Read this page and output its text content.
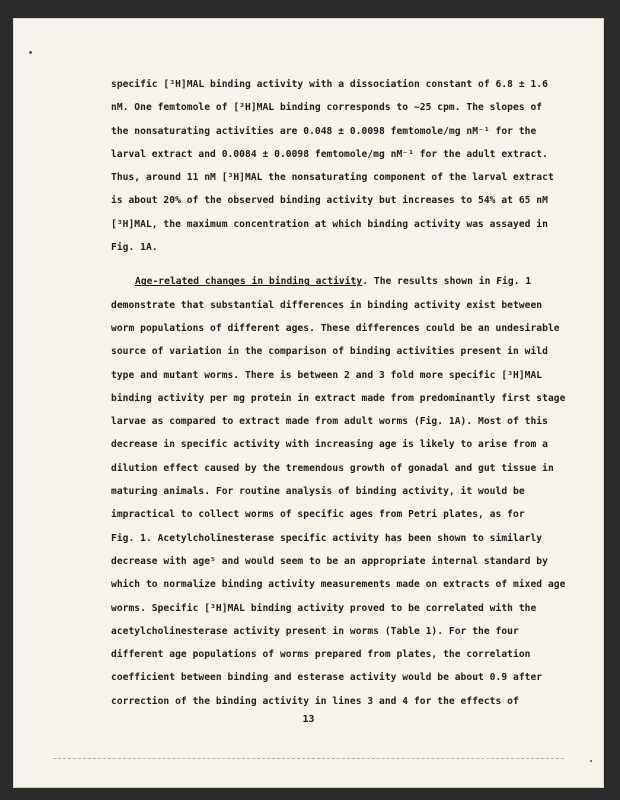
specific [³H]MAL binding activity with a dissociation constant of 6.8 ± 1.6
nM. One femtomole of [³H]MAL binding corresponds to ~25 cpm. The slopes of
the nonsaturating activities are 0.048 ± 0.0098 femtomole/mg nM⁻¹ for the
larval extract and 0.0084 ± 0.0098 femtomole/mg nM⁻¹ for the adult extract.
Thus, around 11 nM [³H]MAL the nonsaturating component of the larval extract
is about 20% of the observed binding activity but increases to 54% at 65 nM
[³H]MAL, the maximum concentration at which binding activity was assayed in
Fig. 1A.
Age-related changes in binding activity. The results shown in Fig. 1
demonstrate that substantial differences in binding activity exist between
worm populations of different ages. These differences could be an undesirable
source of variation in the comparison of binding activities present in wild
type and mutant worms. There is between 2 and 3 fold more specific [³H]MAL
binding activity per mg protein in extract made from predominantly first stage
larvae as compared to extract made from adult worms (Fig. 1A). Most of this
decrease in specific activity with increasing age is likely to arise from a
dilution effect caused by the tremendous growth of gonadal and gut tissue in
maturing animals. For routine analysis of binding activity, it would be
impractical to collect worms of specific ages from Petri plates, as for
Fig. 1. Acetylcholinesterase specific activity has been shown to similarly
decrease with age⁵ and would seem to be an appropriate internal standard by
which to normalize binding activity measurements made on extracts of mixed age
worms. Specific [³H]MAL binding activity proved to be correlated with the
acetylcholinesterase activity present in worms (Table 1). For the four
different age populations of worms prepared from plates, the correlation
coefficient between binding and esterase activity would be about 0.9 after
correction of the binding activity in lines 3 and 4 for the effects of
13
